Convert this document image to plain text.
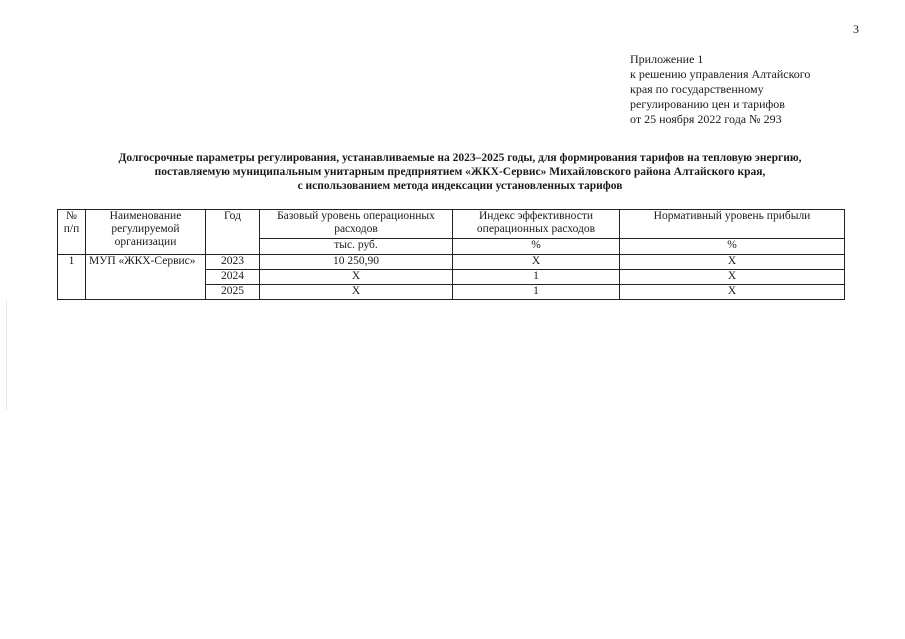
3
Приложение 1
к решению управления Алтайского
края по государственному
регулированию цен и тарифов
от 25 ноября 2022 года № 293
Долгосрочные параметры регулирования, устанавливаемые на 2023–2025 годы, для формирования тарифов на тепловую энергию,
поставляемую муниципальным унитарным предприятием «ЖКХ-Сервис» Михайловского района Алтайского края,
с использованием метода индексации установленных тарифов
№ п/п	Наименование регулируемой организации	Год	Базовый уровень операционных расходов	Индекс эффективности операционных расходов	Нормативный уровень прибыли
			тыс. руб.	%	%
1	МУП «ЖКХ-Сервис»	2023	10 250,90	Х	Х
		2024	Х	1	Х
		2025	Х	1	Х
